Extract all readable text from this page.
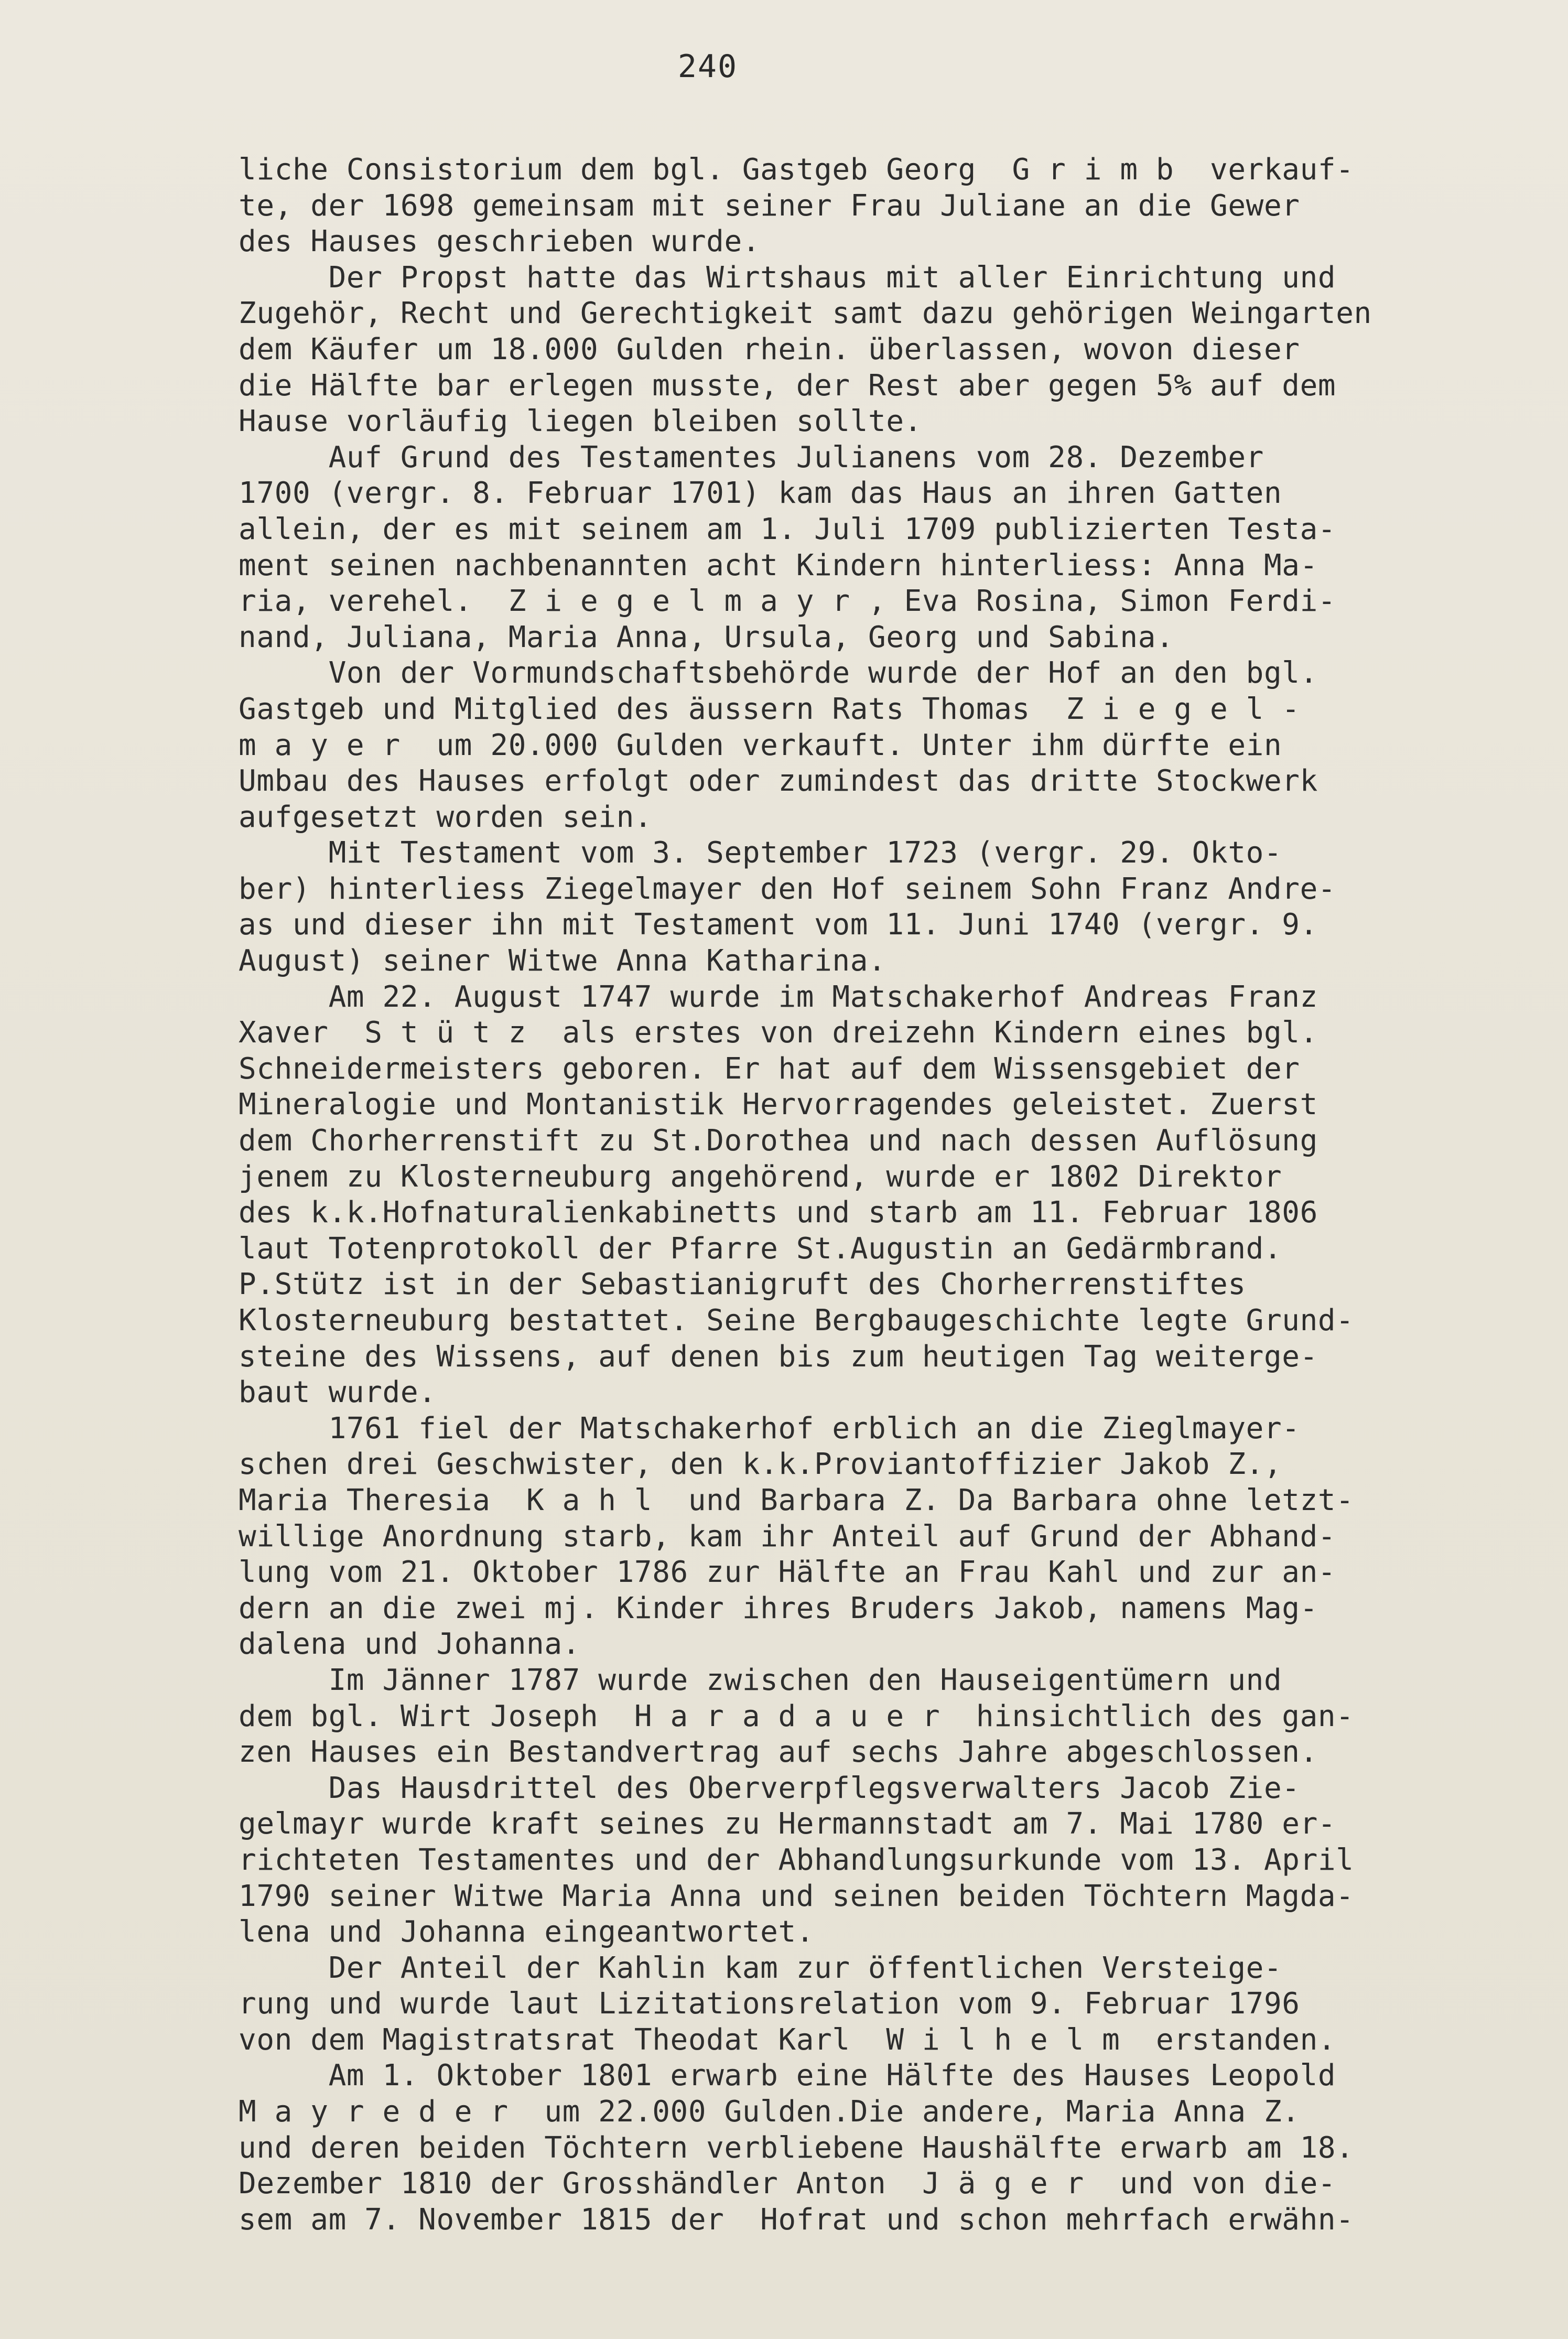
240
liche Consistorium dem bgl. Gastgeb Georg  G r i m b  verkauf-
te, der 1698 gemeinsam mit seiner Frau Juliane an die Gewer
des Hauses geschrieben wurde.
Der Propst hatte das Wirtshaus mit aller Einrichtung und
Zugehör, Recht und Gerechtigkeit samt dazu gehörigen Weingarten
dem Käufer um 18.000 Gulden rhein. überlassen, wovon dieser
die Hälfte bar erlegen musste, der Rest aber gegen 5% auf dem
Hause vorläufig liegen bleiben sollte.
Auf Grund des Testamentes Julianens vom 28. Dezember
1700 (vergr. 8. Februar 1701) kam das Haus an ihren Gatten
allein, der es mit seinem am 1. Juli 1709 publizierten Testa-
ment seinen nachbenannten acht Kindern hinterliess: Anna Ma-
ria, verehel.  Z i e g e l m a y r , Eva Rosina, Simon Ferdi-
nand, Juliana, Maria Anna, Ursula, Georg und Sabina.
Von der Vormundschaftsbehörde wurde der Hof an den bgl.
Gastgeb und Mitglied des äussern Rats Thomas  Z i e g e l -
m a y e r  um 20.000 Gulden verkauft. Unter ihm dürfte ein
Umbau des Hauses erfolgt oder zumindest das dritte Stockwerk
aufgesetzt worden sein.
Mit Testament vom 3. September 1723 (vergr. 29. Okto-
ber) hinterliess Ziegelmayer den Hof seinem Sohn Franz Andre-
as und dieser ihn mit Testament vom 11. Juni 1740 (vergr. 9.
August) seiner Witwe Anna Katharina.
Am 22. August 1747 wurde im Matschakerhof Andreas Franz
Xaver  S t ü t z  als erstes von dreizehn Kindern eines bgl.
Schneidermeisters geboren. Er hat auf dem Wissensgebiet der
Mineralogie und Montanistik Hervorragendes geleistet. Zuerst
dem Chorherrenstift zu St.Dorothea und nach dessen Auflösung
jenem zu Klosterneuburg angehörend, wurde er 1802 Direktor
des k.k.Hofnaturalienkabinetts und starb am 11. Februar 1806
laut Totenprotokoll der Pfarre St.Augustin an Gedärmbrand.
P.Stütz ist in der Sebastianigruft des Chorherrenstiftes
Klosterneuburg bestattet. Seine Bergbaugeschichte legte Grund-
steine des Wissens, auf denen bis zum heutigen Tag weiterge-
baut wurde.
1761 fiel der Matschakerhof erblich an die Zieglmayer-
schen drei Geschwister, den k.k.Proviantoffizier Jakob Z.,
Maria Theresia  K a h l  und Barbara Z. Da Barbara ohne letzt-
willige Anordnung starb, kam ihr Anteil auf Grund der Abhand-
lung vom 21. Oktober 1786 zur Hälfte an Frau Kahl und zur an-
dern an die zwei mj. Kinder ihres Bruders Jakob, namens Mag-
dalena und Johanna.
Im Jänner 1787 wurde zwischen den Hauseigentümern und
dem bgl. Wirt Joseph  H a r a d a u e r  hinsichtlich des gan-
zen Hauses ein Bestandvertrag auf sechs Jahre abgeschlossen.
Das Hausdrittel des Oberverpflegsverwalters Jacob Zie-
gelmayr wurde kraft seines zu Hermannstadt am 7. Mai 1780 er-
richteten Testamentes und der Abhandlungsurkunde vom 13. April
1790 seiner Witwe Maria Anna und seinen beiden Töchtern Magda-
lena und Johanna eingeantwortet.
Der Anteil der Kahlin kam zur öffentlichen Versteige-
rung und wurde laut Lizitationsrelation vom 9. Februar 1796
von dem Magistratsrat Theodat Karl  W i l h e l m  erstanden.
Am 1. Oktober 1801 erwarb eine Hälfte des Hauses Leopold
M a y r e d e r  um 22.000 Gulden.Die andere, Maria Anna Z.
und deren beiden Töchtern verbliebene Haushälfte erwarb am 18.
Dezember 1810 der Grosshändler Anton  J ä g e r  und von die-
sem am 7. November 1815 der  Hofrat und schon mehrfach erwähn-
